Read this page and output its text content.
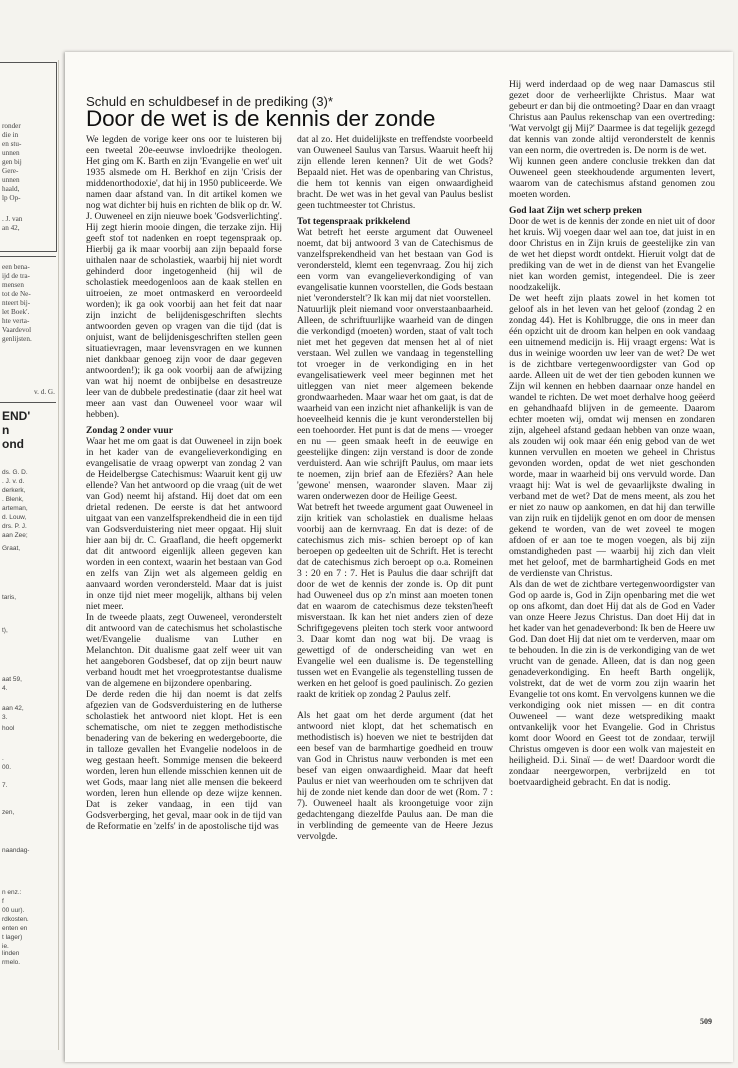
ronder
die in
en stu-
unnen
gen bij
Gere-
unnen
haald,
lp Op-
. J. van
an 42,
een bena-
ijd de tra-
mensen
tot de Ne-
nteert bij-
let Boek'.
hte verta-
Vaardevol
genlijsten.
v. d. G.
END'
n
ond
ds. G. D.
. J. v. d.
derkerk,
. Blenk,
arteman,
d. Louw,
drs. P. J.
aan Zee;
Graat,
taris,
t),
aat 59,
4.
aan 42,
3.
hool
.
00.
7.
zen,
naandag-
n enz.:
f
00 uur).
rdkosten.
enten en
t lager)
ie.
linden
rmelo.
Schuld en schuldbesef in de prediking (3)*
Door de wet is de kennis der zonde

We legden de vorige keer ons oor te luisteren bij een tweetal 20e-eeuwse invloedrijke theologen. Het ging om K. Barth en zijn 'Evangelie en wet' uit 1935 alsmede om H. Berkhof en zijn 'Crisis der middenorthodoxie', dat hij in 1950 publiceerde. We namen daar afstand van. In dit artikel komen we nog wat dichter bij huis en richten de blik op dr. W. J. Ouweneel en zijn nieuwe boek 'Godsverlichting'. Hij zegt hierin mooie dingen, die terzake zijn. Hij geeft stof tot nadenken en roept tegenspraak op. Hierbij ga ik maar voorbij aan zijn bepaald forse uithalen naar de scholastiek, waarbij hij niet wordt gehinderd door ingetogenheid (hij wil de scholastiek meedogenloos aan de kaak stellen en uitroeien, ze moet ontmaskerd en veroordeeld worden); ik ga ook voorbij aan het feit dat naar zijn inzicht de belijdenisgeschriften slechts antwoorden geven op vragen van die tijd (dat is onjuist, want de belijdenisgeschriften stellen geen situatievragen, maar levensvragen en we kunnen niet dankbaar genoeg zijn voor de daar gegeven antwoorden!); ik ga ook voorbij aan de afwijzing van wat hij noemt de onbijbelse en desastreuze leer van de dubbele predestinatie (daar zit heel wat meer aan vast dan Ouweneel voor waar wil hebben).

Zondag 2 onder vuur

Waar het me om gaat is dat Ouweneel in zijn boek in het kader van de evangelieverkondiging en evangelisatie de vraag opwerpt van zondag 2 van de Heidelbergse Catechismus: Waaruit kent gij uw ellende? Van het antwoord op die vraag (uit de wet van God) neemt hij afstand. Hij doet dat om een drietal redenen. De eerste is dat het antwoord uitgaat van een vanzelfsprekendheid die in een tijd van Godsverduistering niet meer opgaat. Hij sluit hier aan bij dr. C. Graafland, die heeft opgemerkt dat dit antwoord eigenlijk alleen gegeven kan worden in een context, waarin het bestaan van God en zelfs van Zijn wet als algemeen geldig en aanvaard worden verondersteld. Maar dat is juist in onze tijd niet meer mogelijk, althans bij velen niet meer.

In de tweede plaats, zegt Ouweneel, veronderstelt dit antwoord van de catechismus het scholastische wet/Evangelie dualisme van Luther en Melanchton. Dit dualisme gaat zelf weer uit van het aangeboren Godsbesef, dat op zijn beurt nauw verband houdt met het vroegprotestantse dualisme van de algemene en bijzondere openbaring.

De derde reden die hij dan noemt is dat zelfs afgezien van de Godsverduistering en de lutherse scholastiek het antwoord niet klopt. Het is een schematische, om niet te zeggen methodistische benadering van de bekering en wedergeboorte, die in talloze gevallen het Evangelie nodeloos in de weg gestaan heeft. Sommige mensen die bekeerd worden, leren hun ellende misschien kennen uit de wet Gods, maar lang niet alle mensen die bekeerd worden, leren hun ellende op deze wijze kennen. Dat is zeker vandaag, in een tijd van Godsverberging, het geval, maar ook in de tijd van de Reformatie en 'zelfs' in de apostolische tijd was

dat al zo. Het duidelijkste en treffendste voorbeeld van Ouweneel Saulus van Tarsus. Waaruit heeft hij zijn ellende leren kennen? Uit de wet Gods? Bepaald niet. Het was de openbaring van Christus, die hem tot kennis van eigen onwaardigheid bracht. De wet was in het geval van Paulus beslist geen tuchtmeester tot Christus.

Tot tegenspraak prikkelend

Wat betreft het eerste argument dat Ouweneel noemt, dat bij antwoord 3 van de Catechismus de vanzelfsprekendheid van het bestaan van God is verondersteld, klemt een tegenvraag. Zou hij zich een vorm van evangelieverkondiging of van evangelisatie kunnen voorstellen, die Gods bestaan niet 'veronderstelt'? Ik kan mij dat niet voorstellen.

Natuurlijk pleit niemand voor onverstaanbaarheid. Alleen, de schriftuurlijke waarheid van de dingen die verkondigd (moeten) worden, staat of valt toch niet met het gegeven dat mensen het al of niet verstaan. Wel zullen we vandaag in tegenstelling tot vroeger in de verkondiging en in het evangelisatiewerk veel meer beginnen met het uitleggen van niet meer algemeen bekende grondwaarheden. Maar waar het om gaat, is dat de waarheid van een inzicht niet afhankelijk is van de hoeveelheid kennis die je kunt veronderstellen bij een toehoorder. Het punt is dat de mens — vroeger en nu — geen smaak heeft in de eeuwige en geestelijke dingen: zijn verstand is door de zonde verduisterd. Aan wie schrijft Paulus, om maar iets te noemen, zijn brief aan de Efeziërs? Aan hele 'gewone' mensen, waaronder slaven. Maar zij waren onderwezen door de Heilige Geest.

Wat betreft het tweede argument gaat Ouweneel in zijn kritiek van scholastiek en dualisme helaas voorbij aan de kernvraag. En dat is deze: of de catechismus zich mis- schien beroept op of kan beroepen op gedeelten uit de Schrift. Het is terecht dat de catechismus zich beroept op o.a. Romeinen 3 : 20 en 7 : 7. Het is Paulus die daar schrijft dat door de wet de kennis der zonde is. Op dit punt had Ouweneel dus op z'n minst aan moeten tonen dat en waarom de catechismus deze teksten'heeft misverstaan. Ik kan het niet anders zien of deze Schriftgegevens pleiten toch sterk voor antwoord 3. Daar komt dan nog wat bij. De vraag is gewettigd of de onderscheiding van wet en Evangelie wel een dualisme is. De tegenstelling tussen wet en Evangelie als tegenstelling tussen de werken en het geloof is goed paulinisch. Zo gezien raakt de kritiek op zondag 2 Paulus zelf.

Als het gaat om het derde argument (dat het antwoord niet klopt, dat het schematisch en methodistisch is) hoeven we niet te bestrijden dat een besef van de barmhartige goedheid en trouw van God in Christus nauw verbonden is met een besef van eigen onwaardigheid. Maar dat heeft Paulus er niet van weerhouden om te schrijven dat hij de zonde niet kende dan door de wet (Rom. 7 : 7). Ouweneel haalt als kroongetuige voor zijn gedachtengang diezelfde Paulus aan. De man die in verblinding de gemeente van de Heere Jezus vervolgde.

Hij werd inderdaad op de weg naar Damascus stil gezet door de verheerlijkte Christus. Maar wat gebeurt er dan bij die ontmoeting? Daar en dan vraagt Christus aan Paulus rekenschap van een overtreding: 'Wat vervolgt gij Mij?' Daarmee is dat tegelijk gezegd dat kennis van zonde altijd veronderstelt de kennis van een norm, die overtreden is. De norm is de wet.

Wij kunnen geen andere conclusie trekken dan dat Ouweneel geen steekhoudende argumenten levert, waarom van de catechismus afstand genomen zou moeten worden.

God laat Zijn wet scherp preken

Door de wet is de kennis der zonde en niet uit of door het kruis. Wij voegen daar wel aan toe, dat juist in en door Christus en in Zijn kruis de geestelijke zin van de wet het diepst wordt ontdekt. Hieruit volgt dat de prediking van de wet in de dienst van het Evangelie niet kan worden gemist, integendeel. Die is zeer noodzakelijk.

De wet heeft zijn plaats zowel in het komen tot geloof als in het leven van het geloof (zondag 2 en zondag 44). Het is Kohlbrugge, die ons in meer dan één opzicht uit de droom kan helpen en ook vandaag een uitnemend medicijn is. Hij vraagt ergens: Wat is dus in weinige woorden uw leer van de wet? De wet is de zichtbare vertegenwoordigster van God op aarde. Alleen uit de wet der tien geboden kunnen we Zijn wil kennen en hebben daarnaar onze handel en wandel te richten. De wet moet derhalve hoog geëerd en gehandhaafd blijven in de gemeente. Daarom echter moeten wij, omdat wij mensen en zondaren zijn, algeheel afstand gedaan hebben van onze waan, als zouden wij ook maar één enig gebod van de wet kunnen vervullen en moeten we geheel in Christus gevonden worden, opdat de wet niet geschonden worde, maar in waarheid bij ons vervuld worde. Dan vraagt hij: Wat is wel de gevaarlijkste dwaling in verband met de wet? Dat de mens meent, als zou het er niet zo nauw op aankomen, en dat hij dan terwille van zijn ruik en tijdelijk genot en om door de mensen gekend te worden, van de wet zoveel te mogen afdoen of er aan toe te mogen voegen, als bij zijn omstandigheden past — waarbij hij zich dan vleit met het geloof, met de barmhartigheid Gods en met de verdienste van Christus.

Als dan de wet de zichtbare vertegenwoordigster van God op aarde is, God in Zijn openbaring met die wet op ons afkomt, dan doet Hij dat als de God en Vader van onze Heere Jezus Christus. Dan doet Hij dat in het kader van het genadeverbond: Ik ben de Heere uw God. Dan doet Hij dat niet om te verderven, maar om te behouden. In die zin is de verkondiging van de wet vrucht van de genade. Alleen, dat is dan nog geen genadeverkondiging. En heeft Barth ongelijk, volstrekt, dat de wet de vorm zou zijn waarin het Evangelie tot ons komt. En vervolgens kunnen we die verkondiging ook niet missen — en dit contra Ouweneel — want deze wetsprediking maakt ontvankelijk voor het Evangelie. God in Christus komt door Woord en Geest tot de zondaar, terwijl Christus omgeven is door een wolk van majesteit en heiligheid. D.i. Sinaï — de wet! Daardoor wordt die zondaar neergeworpen, verbrijzeld en tot boetvaardigheid gebracht. En dat is nodig.

509
